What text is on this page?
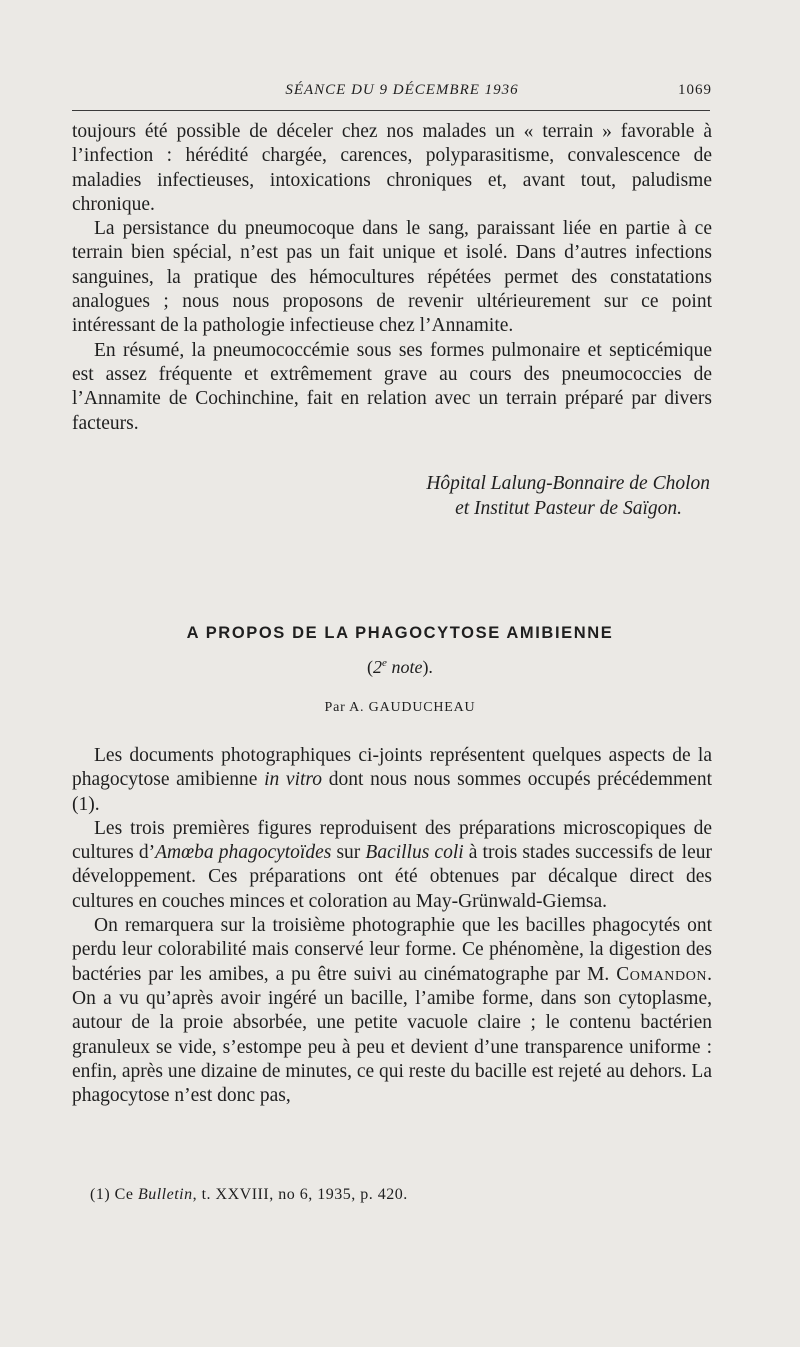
SÉANCE DU 9 DÉCEMBRE 1936	1069

toujours été possible de déceler chez nos malades un « terrain » favorable à l’infection : hérédité chargée, carences, polyparasitisme, convalescence de maladies infectieuses, intoxications chroniques et, avant tout, paludisme chronique.

La persistance du pneumocoque dans le sang, paraissant liée en partie à ce terrain bien spécial, n’est pas un fait unique et isolé. Dans d’autres infections sanguines, la pratique des hémocultures répétées permet des constatations analogues ; nous nous proposons de revenir ultérieurement sur ce point intéressant de la pathologie infectieuse chez l’Annamite.

En résumé, la pneumococcémie sous ses formes pulmonaire et septicémique est assez fréquente et extrêmement grave au cours des pneumococcies de l’Annamite de Cochinchine, fait en relation avec un terrain préparé par divers facteurs.

Hôpital Lalung-Bonnaire de Cholon
et Institut Pasteur de Saïgon.
A PROPOS DE LA PHAGOCYTOSE AMIBIENNE
(2e note).
Par A. GAUDUCHEAU

Les documents photographiques ci-joints représentent quelques aspects de la phagocytose amibienne in vitro dont nous nous sommes occupés précédemment (1).

Les trois premières figures reproduisent des préparations microscopiques de cultures d’Amœba phagocytoïdes sur Bacillus coli à trois stades successifs de leur développement. Ces préparations ont été obtenues par décalque direct des cultures en couches minces et coloration au May-Grünwald-Giemsa.

On remarquera sur la troisième photographie que les bacilles phagocytés ont perdu leur colorabilité mais conservé leur forme. Ce phénomène, la digestion des bactéries par les amibes, a pu être suivi au cinématographe par M. Comandon. On a vu qu’après avoir ingéré un bacille, l’amibe forme, dans son cytoplasme, autour de la proie absorbée, une petite vacuole claire ; le contenu bactérien granuleux se vide, s’estompe peu à peu et devient d’une transparence uniforme : enfin, après une dizaine de minutes, ce qui reste du bacille est rejeté au dehors. La phagocytose n’est donc pas,

(1) Ce Bulletin, t. XXVIII, no 6, 1935, p. 420.
